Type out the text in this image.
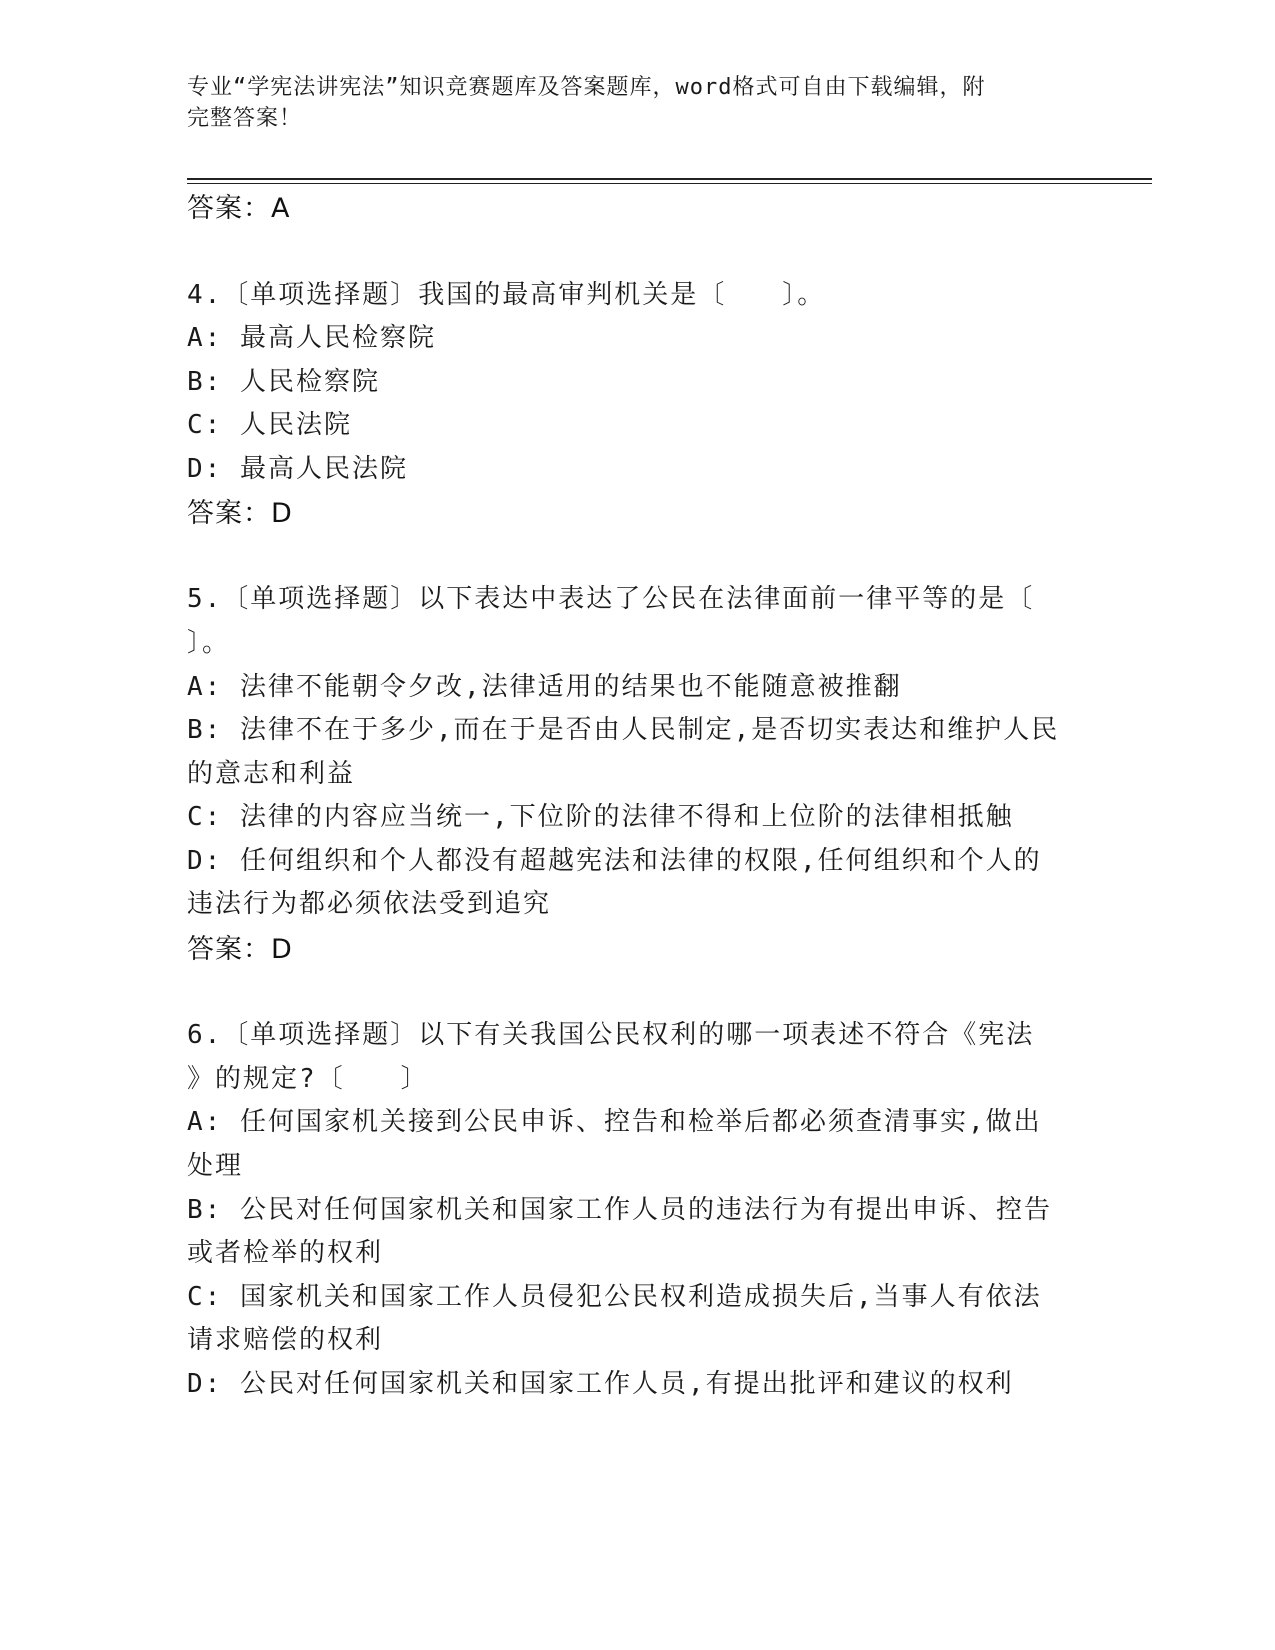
专业“学宪法讲宪法”知识竞赛题库及答案题库，word格式可自由下载编辑，附
完整答案！
答案：A
4.〔单项选择题〕我国的最高审判机关是〔　　〕。
A: 最高人民检察院
B: 人民检察院
C: 人民法院
D: 最高人民法院
答案：D
5.〔单项选择题〕以下表达中表达了公民在法律面前一律平等的是〔
〕。
A: 法律不能朝令夕改,法律适用的结果也不能随意被推翻
B: 法律不在于多少,而在于是否由人民制定,是否切实表达和维护人民
的意志和利益
C: 法律的内容应当统一,下位阶的法律不得和上位阶的法律相抵触
D: 任何组织和个人都没有超越宪法和法律的权限,任何组织和个人的
违法行为都必须依法受到追究
答案：D
6.〔单项选择题〕以下有关我国公民权利的哪一项表述不符合《宪法
》的规定?〔　　〕
A: 任何国家机关接到公民申诉、控告和检举后都必须查清事实,做出
处理
B: 公民对任何国家机关和国家工作人员的违法行为有提出申诉、控告
或者检举的权利
C: 国家机关和国家工作人员侵犯公民权利造成损失后,当事人有依法
请求赔偿的权利
D: 公民对任何国家机关和国家工作人员,有提出批评和建议的权利
